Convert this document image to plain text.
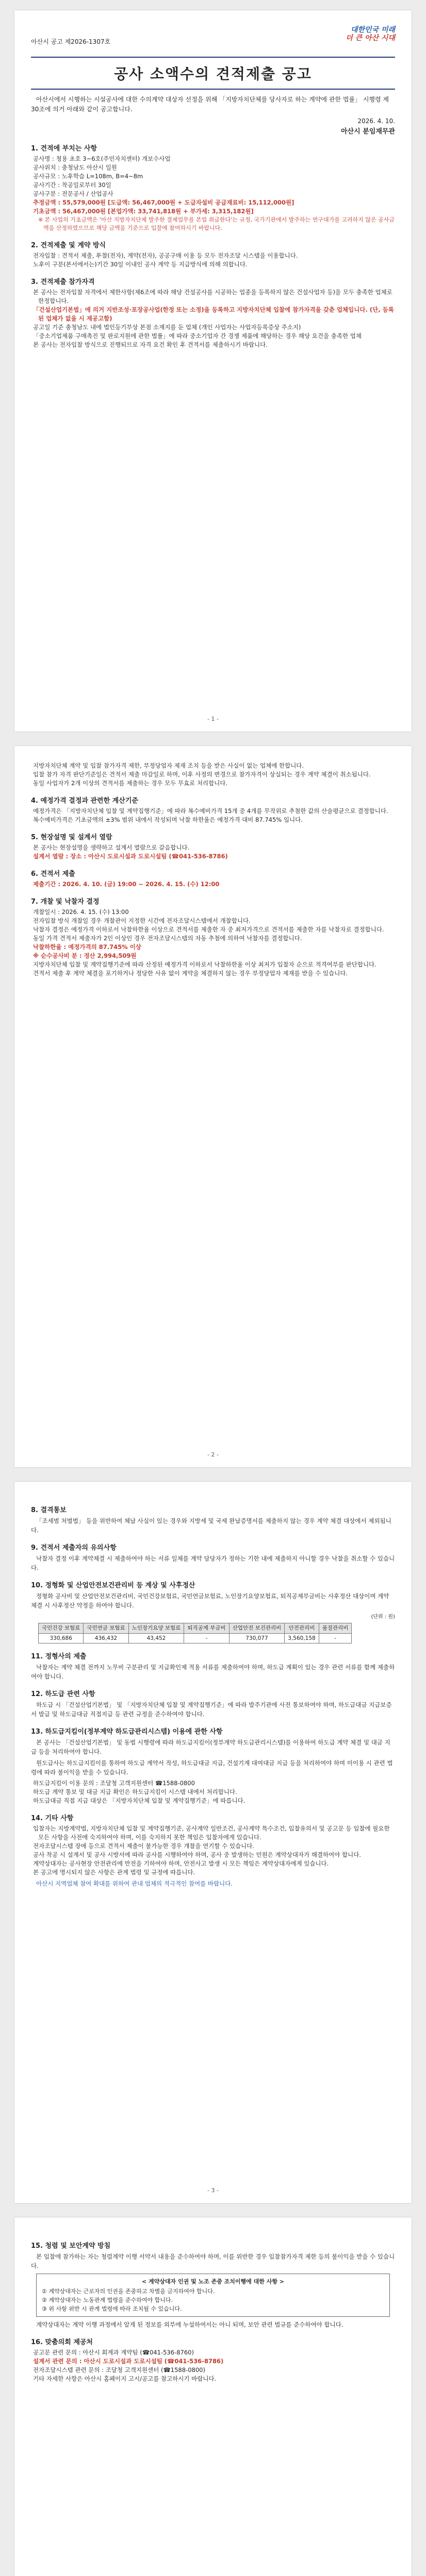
아산시 공고 제2026-1307호
대한민국 미래
더 큰 아산 시대
공사 소액수의 견적제출 공고
아산시에서 시행하는 시설공사에 대한 수의계약 대상자 선정을 위해 「지방자치단체를 당사자로 하는 계약에 관한 법률」 시행령 제30조에 의거 아래와 같이 공고합니다.
2026. 4. 10.
아산시 분임재무관
1. 견적에 부치는 사항
공사명 : 청용 초호 3~6호(주민자치센터) 개보수사업
공사위치 : 충청남도 아산시 일원
공사규모 : 노후학습 L=108m, B=4~8m
공사기간 : 착공일로부터 30일
공사구분 : 전문공사 / 산업공사
추정금액 : 55,579,000원 [도급액: 56,467,000원 + 도급자설비 공급재료비: 15,112,000원]
기초금액 : 56,467,000원 [본업가액: 33,741,818원 + 부가세: 3,315,182원]
※ 본 사업의 기초금액은 '아산 지방자치단체 발주한 결제업무를 본업 취급한다'는 규정, 국가기관에서 발주하는 연구대가를 고려하지 않은 공사금액을 산정하였으므로 해당 금액을 기준으로 입찰에 참여하시기 바랍니다.
2. 견적제출 및 계약 방식
전자입찰 : 견적서 제출, 투찰(전자), 계약(전자), 공공구매 이용 등 모두 전자조달 시스템을 이용합니다.
노후이 구분(본서에서는)기간 30일 이내인 공사 계약 등 지급방식에 의해 의합니다.
3. 견적제출 참가자격
본 공사는 전자입찰 자격에서 제한사항(제6조에 따라 해당 건설공사를 시공하는 업종을 등록하지 않은 건설사업자 등)을 모두 충족한 업체로 한정합니다.
「건설산업기본법」에 의거 지반조성·포장공사업(한정 또는 소정)을 등록하고 지방자치단체 입찰에 참가자격을 갖춘 업체입니다. (단, 등록된 업체가 없을 시 재공고함)
공고일 기준 충청남도 내에 법인등기부상 본점 소재지를 둔 업체 (개인 사업자는 사업자등록증상 주소지)
「중소기업제품 구매촉진 및 판로지원에 관한 법률」에 따라 중소기업자 간 경쟁 제품에 해당하는 경우 해당 요건을 충족한 업체
본 공사는 전자입찰 방식으로 진행되므로 자격 요건 확인 후 견적서를 제출하시기 바랍니다.
- 1 -
지방자치단체 계약 및 입찰 참가자격 제한, 부정당업자 제재 조치 등을 받은 사실이 없는 업체에 한합니다.
입찰 참가 자격 판단기준일은 견적서 제출 마감일로 하며, 이후 사정의 변경으로 참가자격이 상실되는 경우 계약 체결이 취소됩니다.
동일 사업자가 2개 이상의 견적서를 제출하는 경우 모두 무효로 처리합니다.
4. 예정가격 결정과 관련한 계산기준
예정가격은 「지방자치단체 입찰 및 계약집행기준」에 따라 복수예비가격 15개 중 4개를 무작위로 추첨한 값의 산술평균으로 결정합니다.
복수예비가격은 기초금액의 ±3% 범위 내에서 작성되며 낙찰 하한율은 예정가격 대비 87.745% 입니다.
5. 현장설명 및 설계서 열람
본 공사는 현장설명을 생략하고 설계서 열람으로 갈음합니다.
설계서 열람 : 장소 : 아산시 도로시설과 도로시설팀 (☎041-536-8786)
6. 견적서 제출
제출기간 : 2026. 4. 10. (금) 19:00 ~ 2026. 4. 15. (수) 12:00
7. 개찰 및 낙찰자 결정
개찰일시 : 2026. 4. 15. (수) 13:00
전자입찰 방식 개찰일 경우 개찰관이 지정한 시간에 전자조달시스템에서 개찰합니다.
낙찰자 결정은 예정가격 이하로서 낙찰하한율 이상으로 견적서를 제출한 자 중 최저가격으로 견적서를 제출한 자를 낙찰자로 결정합니다.
동일 가격 견적서 제출자가 2인 이상인 경우 전자조달시스템의 자동 추첨에 의하여 낙찰자를 결정합니다.
낙찰하한율 : 예정가격의 87.745% 이상
※ 순수공사비 분 : 정산 2,994,509원
지방자치단체 입찰 및 계약집행기준에 따라 산정된 예정가격 이하로서 낙찰하한율 이상 최저가 입찰자 순으로 적격여부를 판단합니다.
견적서 제출 후 계약 체결을 포기하거나 정당한 사유 없이 계약을 체결하지 않는 경우 부정당업자 제재를 받을 수 있습니다.
- 2 -
8. 결격통보
「조세범 처벌법」 등을 위반하여 체납 사실이 있는 경우와 지방세 및 국세 완납증명서를 제출하지 않는 경우 계약 체결 대상에서 제외됩니다.
9. 견적서 제출자의 유의사항
낙찰자 결정 이후 계약체결 시 제출하여야 하는 서류 일체를 계약 담당자가 정하는 기한 내에 제출하지 아니할 경우 낙찰을 취소할 수 있습니다.
10. 정형화 및 산업안전보건관리비 등 계상 및 사후정산
정형화 공사비 및 산업안전보건관리비, 국민건강보험료, 국민연금보험료, 노인장기요양보험료, 퇴직공제부금비는 사후정산 대상이며 계약 체결 시 사후정산 약정을 하여야 합니다.
(단위 : 원)
국민건강 보험료	국민연금 보험료	노인장기요양 보험료	퇴직공제 부금비	산업안전 보건관리비	안전관리비	품질관리비
330,686	436,432	43,452	-	730,077	3,560,158	-
11. 정형사의 제출
낙찰자는 계약 체결 전까지 노무비 구분관리 및 지급확인제 적용 서류를 제출하여야 하며, 하도급 계획이 있는 경우 관련 서류를 함께 제출하여야 합니다.
12. 하도급 관련 사항
하도급 시 「건설산업기본법」 및 「지방자치단체 입찰 및 계약집행기준」에 따라 발주기관에 사전 통보하여야 하며, 하도급대금 지급보증서 발급 및 하도급대금 직접지급 등 관련 규정을 준수하여야 합니다.
13. 하도급지킴이(정부계약 하도급관리시스템) 이용에 관한 사항
본 공사는 「건설산업기본법」 및 동법 시행령에 따라 하도급지킴이(정부계약 하도급관리시스템)를 이용하여 하도급 계약 체결 및 대금 지급 등을 처리하여야 합니다.
원도급사는 하도급지킴이를 통하여 하도급 계약서 작성, 하도급대금 지급, 건설기계 대여대금 지급 등을 처리하여야 하며 미이용 시 관련 법령에 따라 불이익을 받을 수 있습니다.
하도급지킴이 이용 문의 : 조달청 고객지원센터 ☎1588-0800
하도급 계약 통보 및 대금 지급 확인은 하도급지킴이 시스템 내에서 처리합니다.
하도급대금 직접 지급 대상은 「지방자치단체 입찰 및 계약집행기준」에 따릅니다.
14. 기타 사항
입찰자는 지방계약법, 지방자치단체 입찰 및 계약집행기준, 공사계약 일반조건, 공사계약 특수조건, 입찰유의서 및 공고문 등 입찰에 필요한 모든 사항을 사전에 숙지하여야 하며, 이를 숙지하지 못한 책임은 입찰자에게 있습니다.
전자조달시스템 장애 등으로 견적서 제출이 불가능한 경우 개찰을 연기할 수 있습니다.
공사 착공 시 설계서 및 공사 시방서에 따라 공사를 시행하여야 하며, 공사 중 발생하는 민원은 계약상대자가 해결하여야 합니다.
계약상대자는 공사현장 안전관리에 만전을 기하여야 하며, 안전사고 발생 시 모든 책임은 계약상대자에게 있습니다.
본 공고에 명시되지 않은 사항은 관계 법령 및 규정에 따릅니다.
아산시 지역업체 참여 확대를 위하여 관내 업체의 적극적인 참여를 바랍니다.
- 3 -
15. 청렴 및 보안계약 방침
본 입찰에 참가하는 자는 청렴계약 이행 서약서 내용을 준수하여야 하며, 이를 위반한 경우 입찰참가자격 제한 등의 불이익을 받을 수 있습니다.
< 계약상대자 인권 및 노조 존중 조치이행에 대한 사항 >
① 계약상대자는 근로자의 인권을 존중하고 차별을 금지하여야 합니다.
② 계약상대자는 노동관계 법령을 준수하여야 합니다.
③ 위 사항 위반 시 관계 법령에 따라 조치될 수 있습니다.
계약상대자는 계약 이행 과정에서 알게 된 정보를 외부에 누설하여서는 아니 되며, 보안 관련 법규를 준수하여야 합니다.
16. 맞춤의회 제공처
공고문 관련 문의 : 아산시 회계과 계약팀 (☎041-536-8760)
설계서 관련 문의 : 아산시 도로시설과 도로시설팀 (☎041-536-8786)
전자조달시스템 관련 문의 : 조달청 고객지원센터 (☎1588-0800)
기타 자세한 사항은 아산시 홈페이지 고시/공고를 참고하시기 바랍니다.
